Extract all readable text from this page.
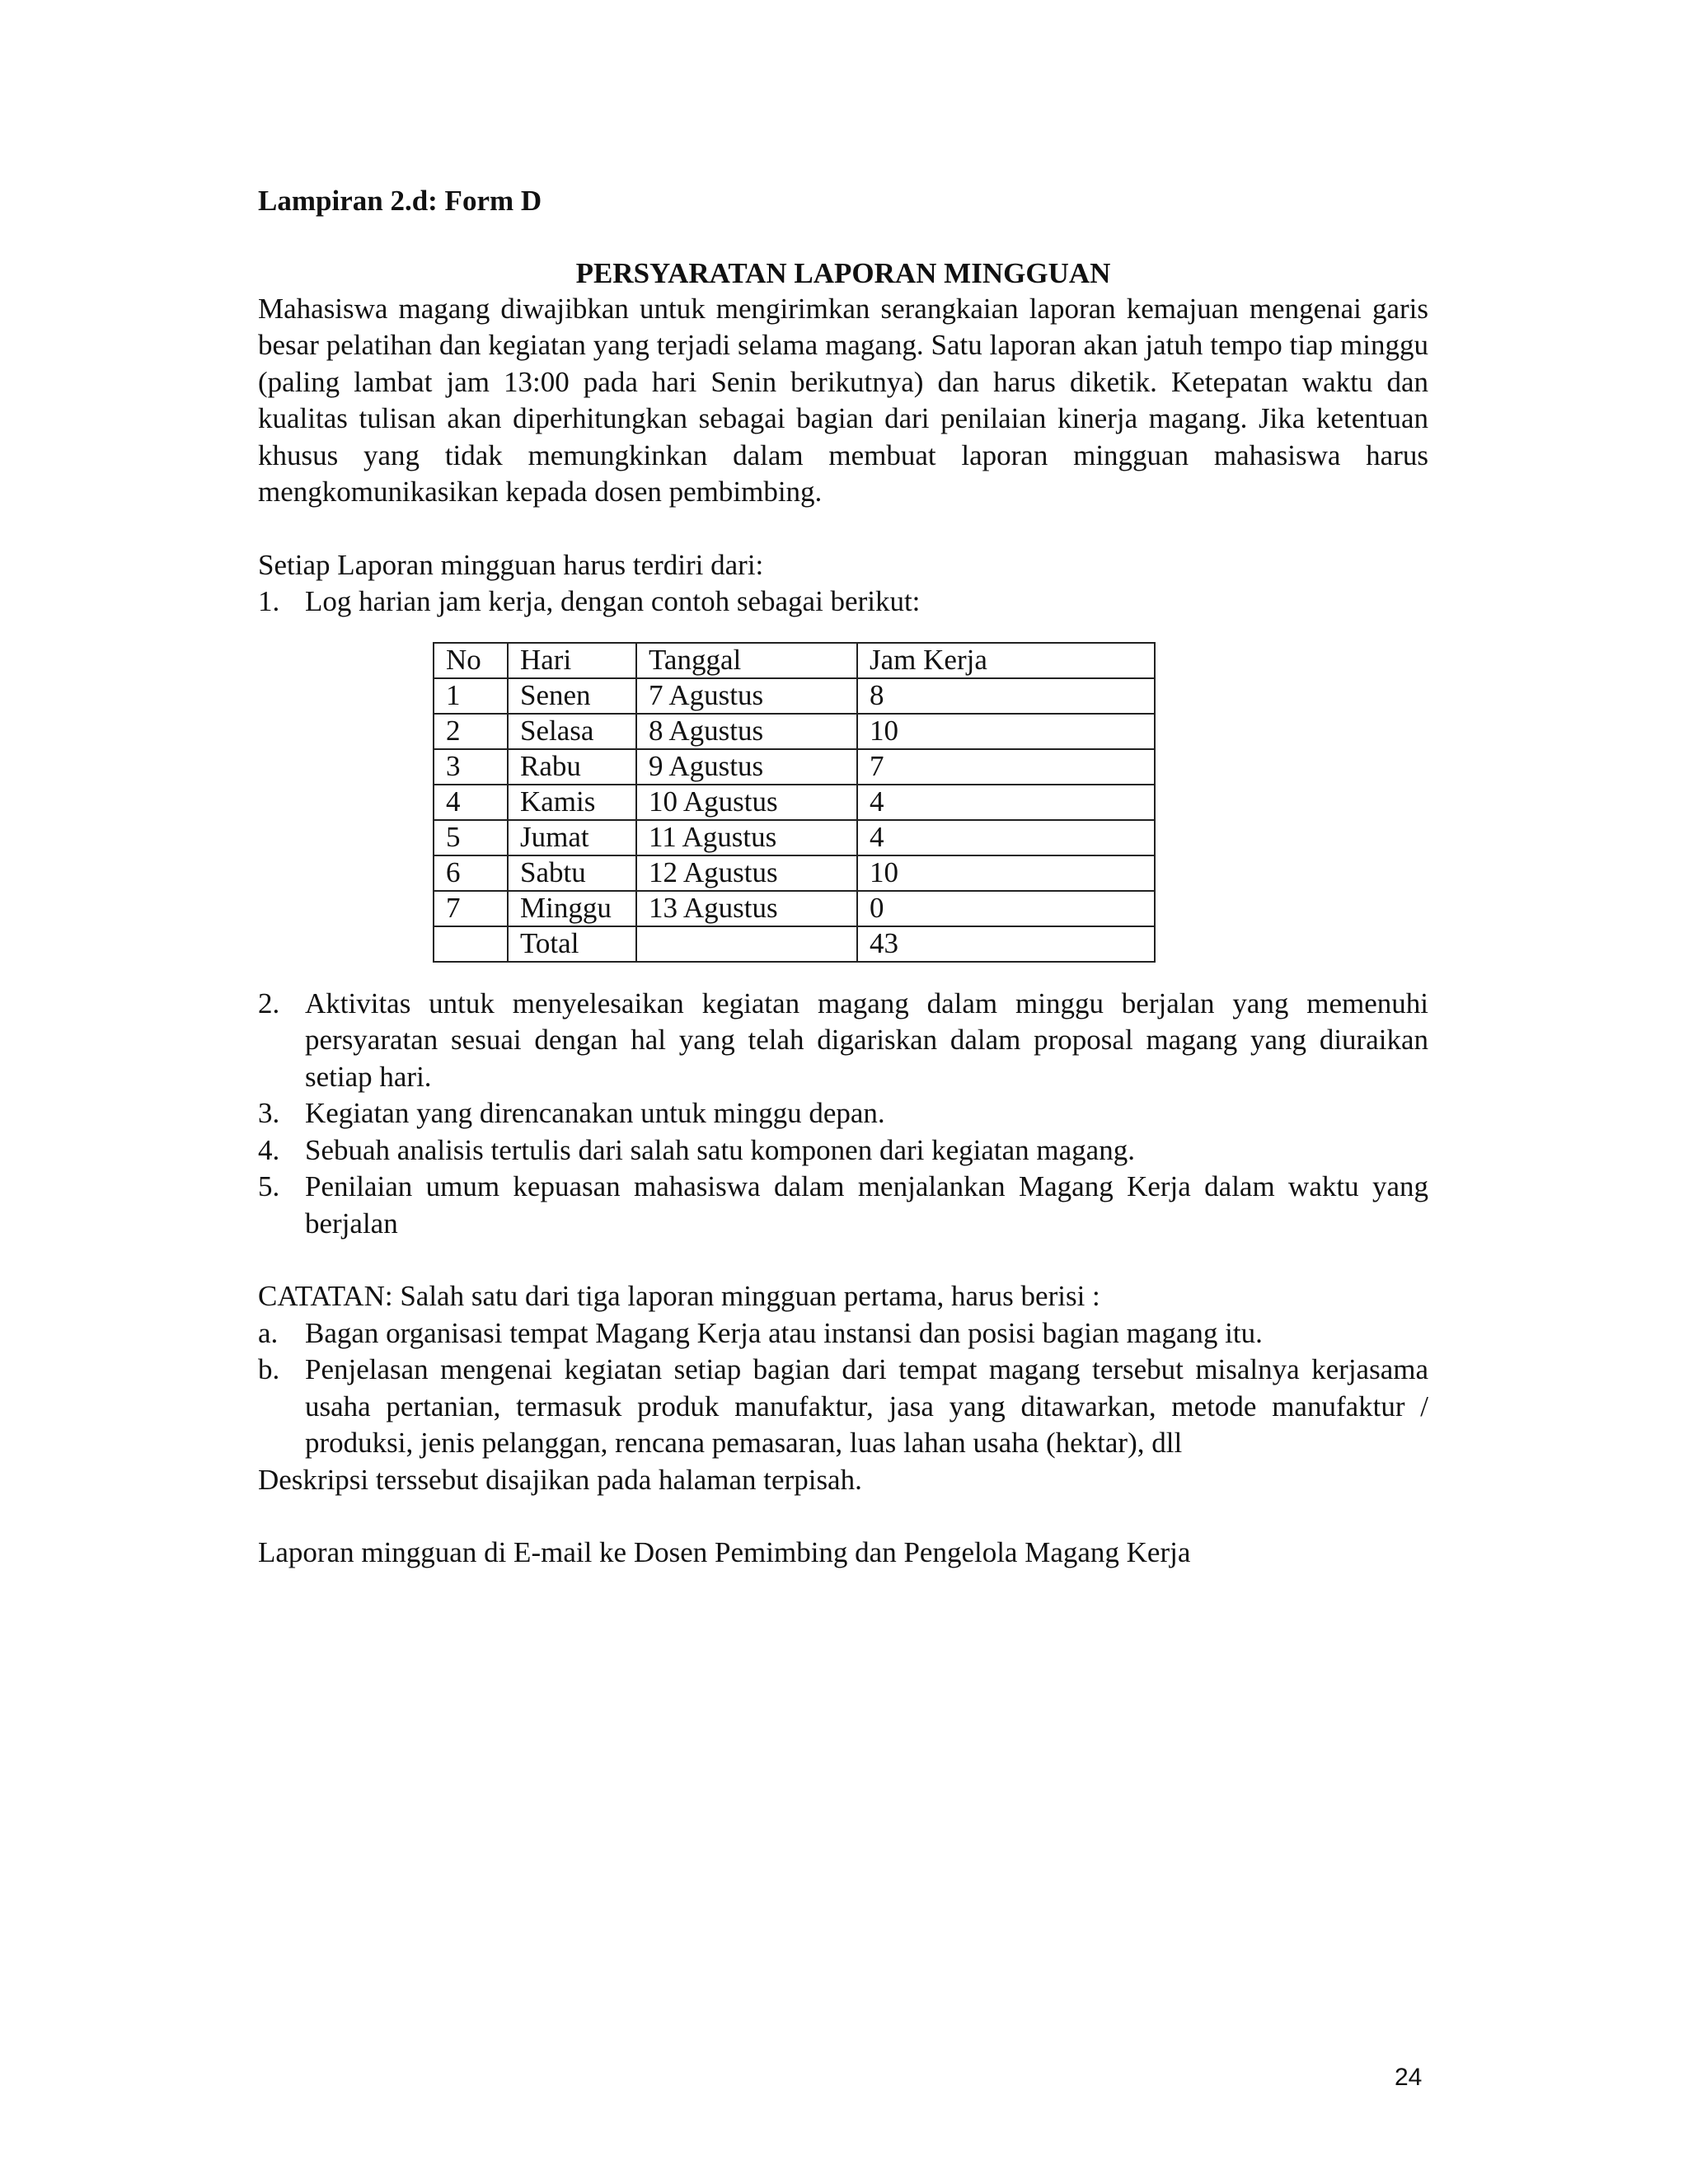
Lampiran 2.d: Form D

PERSYARATAN LAPORAN MINGGUAN

Mahasiswa magang diwajibkan untuk mengirimkan serangkaian laporan kemajuan mengenai garis besar pelatihan dan kegiatan yang terjadi selama magang. Satu laporan akan jatuh tempo tiap minggu (paling lambat jam 13:00 pada hari Senin berikutnya) dan harus diketik. Ketepatan waktu dan kualitas tulisan akan diperhitungkan sebagai bagian dari penilaian kinerja magang. Jika ketentuan khusus yang tidak memungkinkan dalam membuat laporan mingguan mahasiswa harus mengkomunikasikan kepada dosen pembimbing.

Setiap Laporan mingguan harus terdiri dari:

1. Log harian jam kerja, dengan contoh sebagai berikut:
No	Hari	Tanggal	Jam Kerja
1	Senen	7 Agustus	8
2	Selasa	8 Agustus	10
3	Rabu	9 Agustus	7
4	Kamis	10 Agustus	4
5	Jumat	11 Agustus	4
6	Sabtu	12 Agustus	10
7	Minggu	13 Agustus	0
	Total		43
2. Aktivitas untuk menyelesaikan kegiatan magang dalam minggu berjalan yang memenuhi persyaratan sesuai dengan hal yang telah digariskan dalam proposal magang yang diuraikan setiap hari.
3. Kegiatan yang direncanakan untuk minggu depan.
4. Sebuah analisis tertulis dari salah satu komponen dari kegiatan magang.
5. Penilaian umum kepuasan mahasiswa dalam menjalankan Magang Kerja dalam waktu yang berjalan

CATATAN: Salah satu dari tiga laporan mingguan pertama, harus berisi :

a. Bagan organisasi tempat Magang Kerja atau instansi dan posisi bagian magang itu.
b. Penjelasan mengenai kegiatan setiap bagian dari tempat magang tersebut misalnya kerjasama usaha pertanian, termasuk produk manufaktur, jasa yang ditawarkan, metode manufaktur / produksi, jenis pelanggan, rencana pemasaran, luas lahan usaha (hektar), dll

Deskripsi terssebut disajikan pada halaman terpisah.

Laporan mingguan di E-mail ke Dosen Pemimbing dan Pengelola Magang Kerja

24
